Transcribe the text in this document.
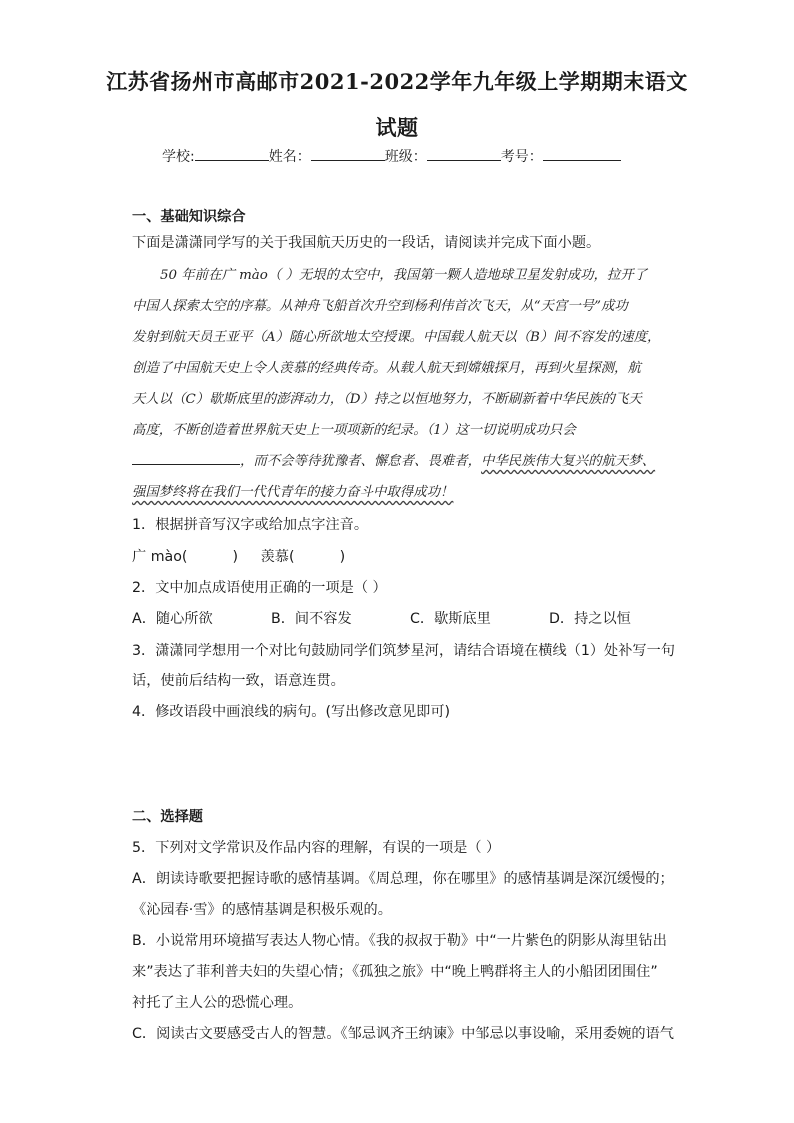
江苏省扬州市高邮市2021-2022学年九年级上学期期末语文
试题
学校:	姓名：	班级：	考号：
一、基础知识综合
下面是潇潇同学写的关于我国航天历史的一段话，请阅读并完成下面小题。
50 年前在广 mào（ ）无垠的太空中，我国第一颗人造地球卫星发射成功，拉开了
中国人探索太空的序幕。从神舟飞船首次升空到杨利伟首次飞天，从“天宫一号”成功
发射到航天员王亚平（A）随心所欲地太空授课。中国载人航天以（B）间不容发的速度，
创造了中国航天史上令人羡慕的经典传奇。从载人航天到嫦娥探月，再到火星探测，航
天人以（C）歇斯底里的澎湃动力，（D）持之以恒地努力，不断刷新着中华民族的飞天
高度，不断创造着世界航天史上一项项新的纪录。（1）这一切说明成功只会
，而不会等待犹豫者、懈怠者、畏难者，中华民族伟大复兴的航天梦、
强国梦终将在我们一代代青年的接力奋斗中取得成功！
1．根据拼音写汉字或给加点字注音。
广 mào(          )     羡慕(          )
2．文中加点成语使用正确的一项是（ ）
A．随心所欲	B．间不容发	C．歇斯底里	D．持之以恒
3．潇潇同学想用一个对比句鼓励同学们筑梦星河，请结合语境在横线（1）处补写一句
话，使前后结构一致，语意连贯。
4．修改语段中画浪线的病句。(写出修改意见即可)
二、选择题
5．下列对文学常识及作品内容的理解，有误的一项是（ ）
A．朗读诗歌要把握诗歌的感情基调。《周总理，你在哪里》的感情基调是深沉缓慢的；
《沁园春·雪》的感情基调是积极乐观的。
B．小说常用环境描写表达人物心情。《我的叔叔于勒》中“一片紫色的阴影从海里钻出
来”表达了菲利普夫妇的失望心情；《孤独之旅》中“晚上鸭群将主人的小船团团围住”
衬托了主人公的恐慌心理。
C．阅读古文要感受古人的智慧。《邹忌讽齐王纳谏》中邹忌以事设喻，采用委婉的语气
